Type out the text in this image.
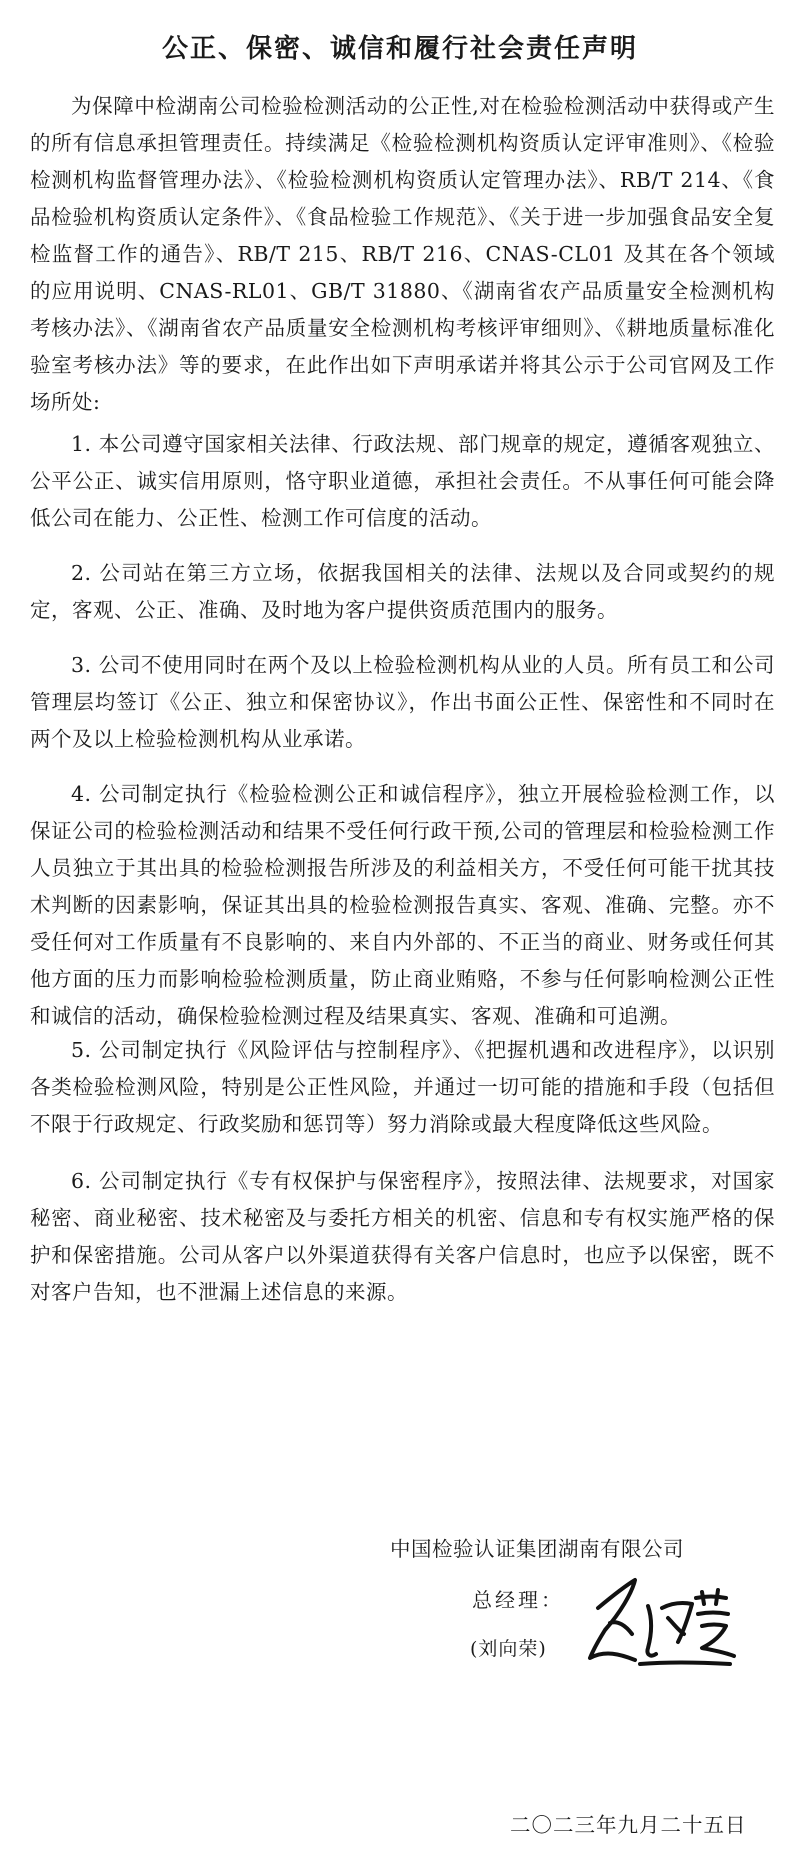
公正、保密、诚信和履行社会责任声明
为保障中检湖南公司检验检测活动的公正性,对在检验检测活动中获得或产生的所有信息承担管理责任。持续满足《检验检测机构资质认定评审准则》、《检验检测机构监督管理办法》、《检验检测机构资质认定管理办法》、RB/T 214、《食品检验机构资质认定条件》、《食品检验工作规范》、《关于进一步加强食品安全复检监督工作的通告》、RB/T 215、RB/T 216、CNAS-CL01 及其在各个领域的应用说明、CNAS-RL01、GB/T 31880、《湖南省农产品质量安全检测机构考核办法》、《湖南省农产品质量安全检测机构考核评审细则》、《耕地质量标准化验室考核办法》等的要求，在此作出如下声明承诺并将其公示于公司官网及工作场所处:
1. 本公司遵守国家相关法律、行政法规、部门规章的规定，遵循客观独立、公平公正、诚实信用原则，恪守职业道德，承担社会责任。不从事任何可能会降低公司在能力、公正性、检测工作可信度的活动。
2. 公司站在第三方立场，依据我国相关的法律、法规以及合同或契约的规定，客观、公正、准确、及时地为客户提供资质范围内的服务。
3. 公司不使用同时在两个及以上检验检测机构从业的人员。所有员工和公司管理层均签订《公正、独立和保密协议》，作出书面公正性、保密性和不同时在两个及以上检验检测机构从业承诺。
4. 公司制定执行《检验检测公正和诚信程序》，独立开展检验检测工作，以保证公司的检验检测活动和结果不受任何行政干预,公司的管理层和检验检测工作人员独立于其出具的检验检测报告所涉及的利益相关方，不受任何可能干扰其技术判断的因素影响，保证其出具的检验检测报告真实、客观、准确、完整。亦不受任何对工作质量有不良影响的、来自内外部的、不正当的商业、财务或任何其他方面的压力而影响检验检测质量，防止商业贿赂，不参与任何影响检测公正性和诚信的活动，确保检验检测过程及结果真实、客观、准确和可追溯。
5. 公司制定执行《风险评估与控制程序》、《把握机遇和改进程序》，以识别各类检验检测风险，特别是公正性风险，并通过一切可能的措施和手段（包括但不限于行政规定、行政奖励和惩罚等）努力消除或最大程度降低这些风险。
6. 公司制定执行《专有权保护与保密程序》，按照法律、法规要求，对国家秘密、商业秘密、技术秘密及与委托方相关的机密、信息和专有权实施严格的保护和保密措施。公司从客户以外渠道获得有关客户信息时，也应予以保密，既不对客户告知，也不泄漏上述信息的来源。
中国检验认证集团湖南有限公司
总经理：
(刘向荣)
二〇二三年九月二十五日
